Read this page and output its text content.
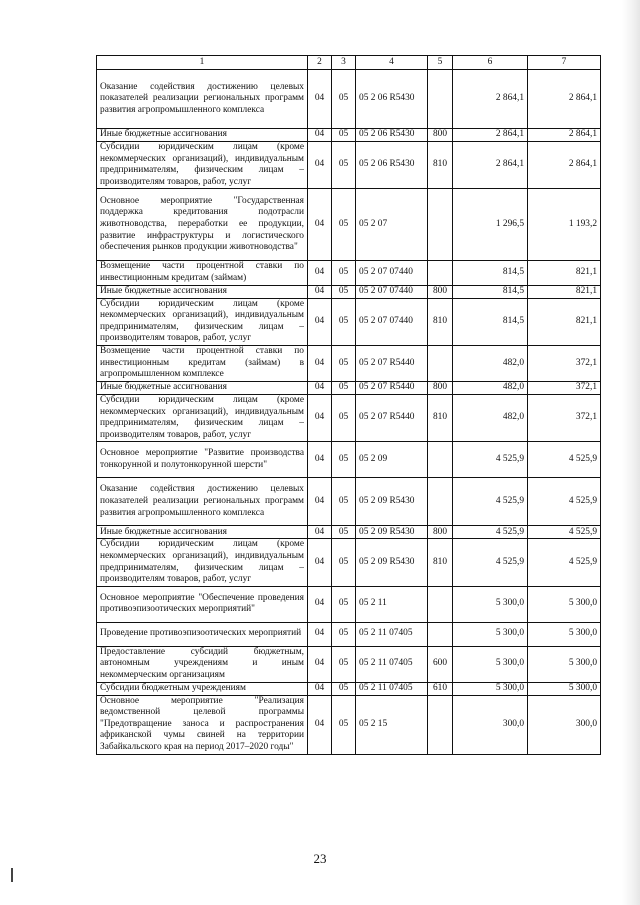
1	2	3	4	5	6	7
Оказание содействия достижению целевых показателей реализации региональных программ развития агропромышленного комплекса	04	05	05 2 06 R5430		2 864,1	2 864,1
Иные бюджетные ассигнования	04	05	05 2 06 R5430	800	2 864,1	2 864,1
Субсидии юридическим лицам (кроме некоммерческих организаций), индивидуальным предпринимателям, физическим лицам – производителям товаров, работ, услуг	04	05	05 2 06 R5430	810	2 864,1	2 864,1
Основное мероприятие "Государственная поддержка кредитования подотрасли животноводства, переработки ее продукции, развитие инфраструктуры и логистического обеспечения рынков продукции животноводства"	04	05	05 2 07		1 296,5	1 193,2
Возмещение части процентной ставки по инвестиционным кредитам (займам)	04	05	05 2 07 07440		814,5	821,1
Иные бюджетные ассигнования	04	05	05 2 07 07440	800	814,5	821,1
Субсидии юридическим лицам (кроме некоммерческих организаций), индивидуальным предпринимателям, физическим лицам – производителям товаров, работ, услуг	04	05	05 2 07 07440	810	814,5	821,1
Возмещение части процентной ставки по инвестиционным кредитам (займам) в агропромышленном комплексе	04	05	05 2 07 R5440		482,0	372,1
Иные бюджетные ассигнования	04	05	05 2 07 R5440	800	482,0	372,1
Субсидии юридическим лицам (кроме некоммерческих организаций), индивидуальным предпринимателям, физическим лицам – производителям товаров, работ, услуг	04	05	05 2 07 R5440	810	482,0	372,1
Основное мероприятие "Развитие производства тонкорунной и полутонкорунной шерсти"	04	05	05 2 09		4 525,9	4 525,9
Оказание содействия достижению целевых показателей реализации региональных программ развития агропромышленного комплекса	04	05	05 2 09 R5430		4 525,9	4 525,9
Иные бюджетные ассигнования	04	05	05 2 09 R5430	800	4 525,9	4 525,9
Субсидии юридическим лицам (кроме некоммерческих организаций), индивидуальным предпринимателям, физическим лицам – производителям товаров, работ, услуг	04	05	05 2 09 R5430	810	4 525,9	4 525,9
Основное мероприятие "Обеспечение проведения противоэпизоотических мероприятий"	04	05	05 2 11		5 300,0	5 300,0
Проведение противоэпизоотических мероприятий	04	05	05 2 11 07405		5 300,0	5 300,0
Предоставление субсидий бюджетным, автономным учреждениям и иным некоммерческим организациям	04	05	05 2 11 07405	600	5 300,0	5 300,0
Субсидии бюджетным учреждениям	04	05	05 2 11 07405	610	5 300,0	5 300,0
Основное мероприятие "Реализация ведомственной целевой программы "Предотвращение заноса и распространения африканской чумы свиней на территории Забайкальского края на период 2017–2020 годы"	04	05	05 2 15		300,0	300,0
23
